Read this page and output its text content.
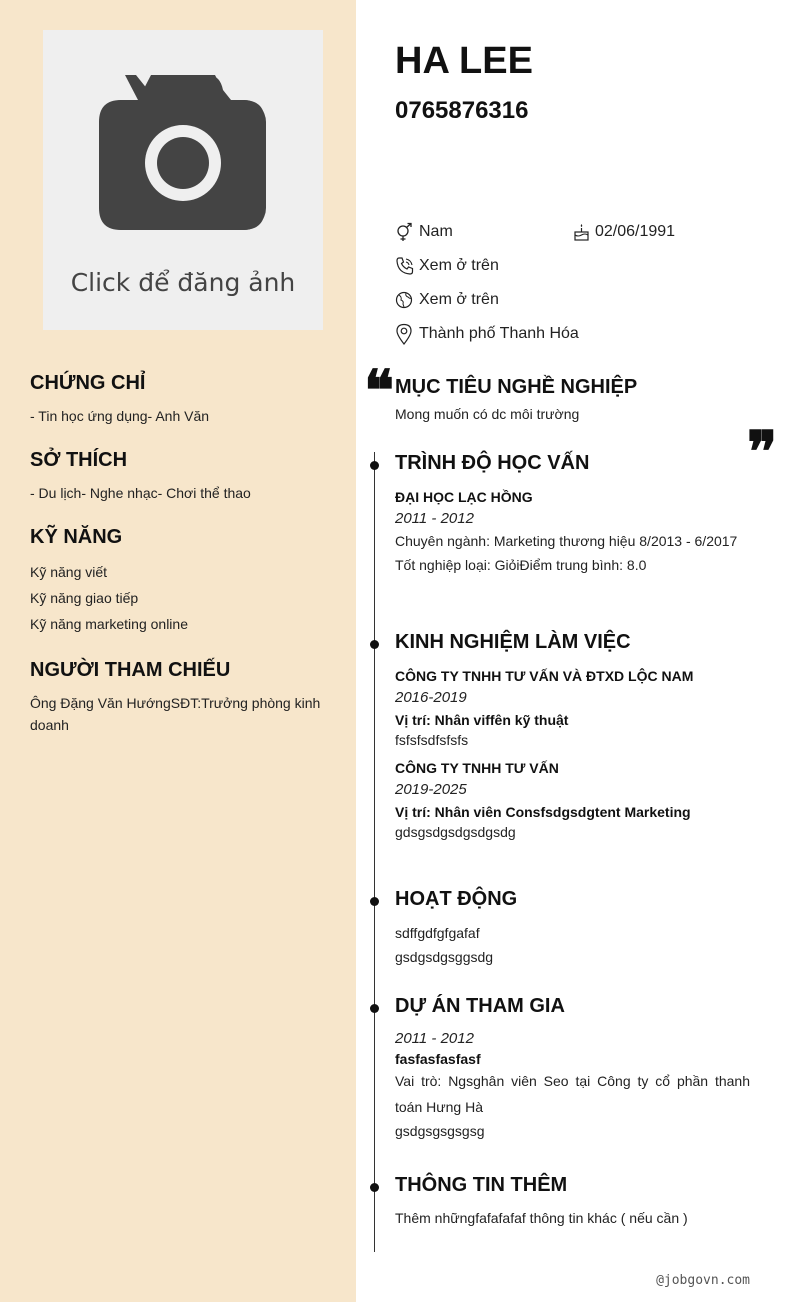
Click để đăng ảnh
CHỨNG CHỈ
- Tin học ứng dụng- Anh Văn
SỞ THÍCH
- Du lịch- Nghe nhạc- Chơi thể thao
KỸ NĂNG
Kỹ năng viết
Kỹ năng giao tiếp
Kỹ năng marketing online
NGƯỜI THAM CHIẾU
Ông Đặng Văn HướngSĐT:Trưởng phòng kinh doanh
HA LEE
0765876316
Nam	02/06/1991
Xem ở trên
Xem ở trên
Thành phố Thanh Hóa
❝
❞
MỤC TIÊU NGHỀ NGHIỆP
Mong muốn có dc môi trường
TRÌNH ĐỘ HỌC VẤN
ĐẠI HỌC LẠC HỒNG
2011 - 2012
Chuyên ngành: Marketing thương hiệu 8/2013 - 6/2017
Tốt nghiệp loại: GiỏiĐiểm trung bình: 8.0
KINH NGHIỆM LÀM VIỆC
CÔNG TY TNHH TƯ VẤN VÀ ĐTXD LỘC NAM
2016-2019
Vị trí: Nhân viffên kỹ thuật
fsfsfsdfsfsfs
CÔNG TY TNHH TƯ VẤN
2019-2025
Vị trí: Nhân viên Consfsdgsdgtent Marketing
gdsgsdgsdgsdgsdg
HOẠT ĐỘNG
sdffgdfgfgafaf
gsdgsdgsggsdg
DỰ ÁN THAM GIA
2011 - 2012
fasfasfasfasf
Vai trò: Ngsghân viên Seo tại Công ty cổ phần thanh toán Hưng Hà
gsdgsgsgsgsg
THÔNG TIN THÊM
Thêm nhữngfafafafaf thông tin khác ( nếu cần )
@jobgovn.com
